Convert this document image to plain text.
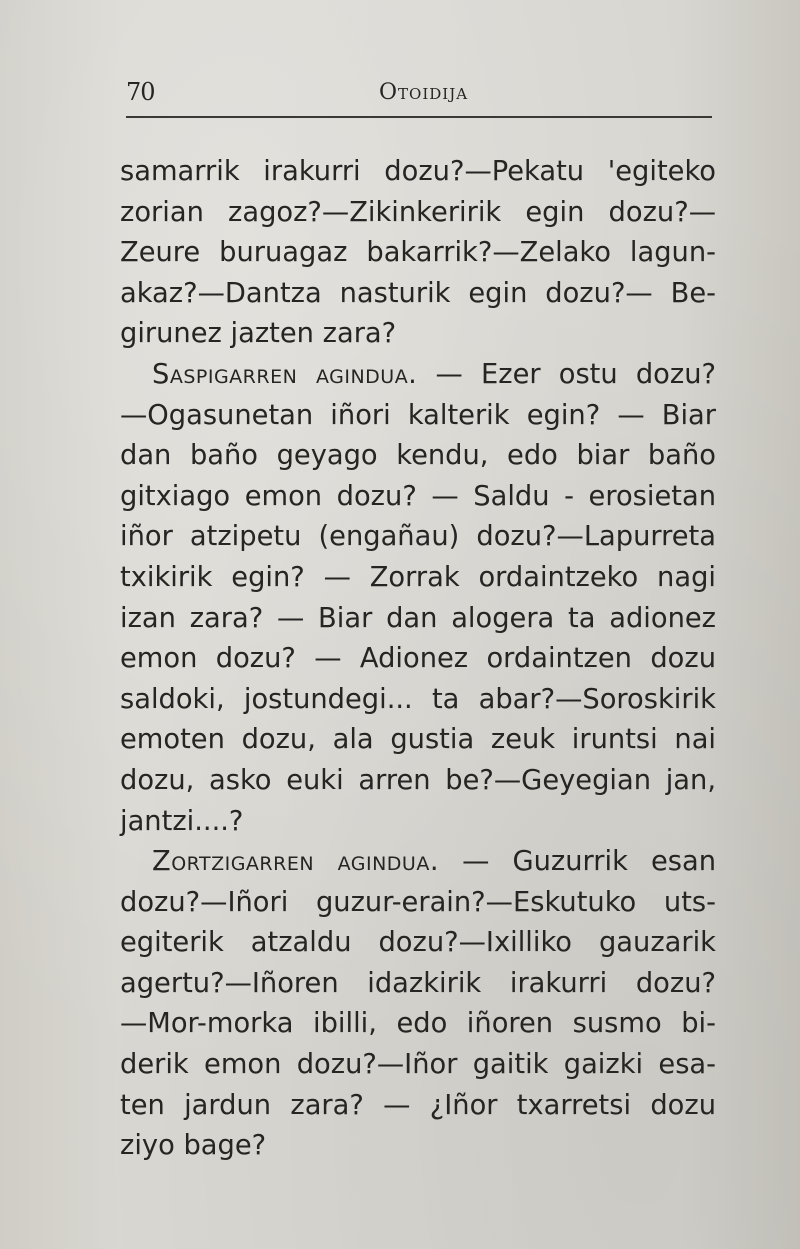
70	Otoidija
samarrik irakurri dozu?—Pekatu 'egiteko
zorian zagoz?—Zikinkeririk egin dozu?—
Zeure buruagaz bakarrik?—Zelako lagun-
akaz?—Dantza nasturik egin dozu?— Be-
girunez jazten zara?
Saspigarren agindua. — Ezer ostu dozu?
—Ogasunetan iñori kalterik egin? — Biar
dan baño geyago kendu, edo biar baño
gitxiago emon dozu? — Saldu - erosietan
iñor atzipetu (engañau) dozu?—Lapurreta
txikirik egin? — Zorrak ordaintzeko nagi
izan zara? — Biar dan alogera ta adionez
emon dozu? — Adionez ordaintzen dozu
saldoki, jostundegi... ta abar?—Soroskirik
emoten dozu, ala gustia zeuk iruntsi nai
dozu, asko euki arren be?—Geyegian jan,
jantzi....?
Zortzigarren agindua. — Guzurrik esan
dozu?—Iñori guzur-erain?—Eskutuko uts-
egiterik atzaldu dozu?—Ixilliko gauzarik
agertu?—Iñoren idazkirik irakurri dozu?
—Mor-morka ibilli, edo iñoren susmo bi-
derik emon dozu?—Iñor gaitik gaizki esa-
ten jardun zara? — ¿Iñor txarretsi dozu
ziyo bage?
